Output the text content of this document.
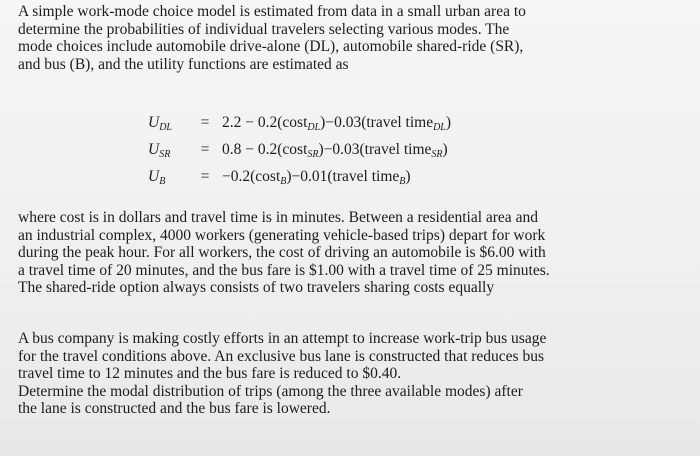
A simple work-mode choice model is estimated from data in a small urban area to
determine the probabilities of individual travelers selecting various modes. The
mode choices include automobile drive-alone (DL), automobile shared-ride (SR),
and bus (B), and the utility functions are estimated as

$U_{DL}$	= 2.2 − 0.2(cost$_{DL}$)−0.03(travel time$_{DL}$)
$U_{SR}$	= 0.8 − 0.2(cost$_{SR}$)−0.03(travel time$_{SR}$)
$U_B$	= −0.2(cost$_B$)−0.01(travel time$_B$)

where cost is in dollars and travel time is in minutes. Between a residential area and
an industrial complex, 4000 workers (generating vehicle-based trips) depart for work
during the peak hour. For all workers, the cost of driving an automobile is $6.00 with
a travel time of 20 minutes, and the bus fare is $1.00 with a travel time of 25 minutes.
The shared-ride option always consists of two travelers sharing costs equally

A bus company is making costly efforts in an attempt to increase work-trip bus usage
for the travel conditions above. An exclusive bus lane is constructed that reduces bus
travel time to 12 minutes and the bus fare is reduced to $0.40.
Determine the modal distribution of trips (among the three available modes) after
the lane is constructed and the bus fare is lowered.
